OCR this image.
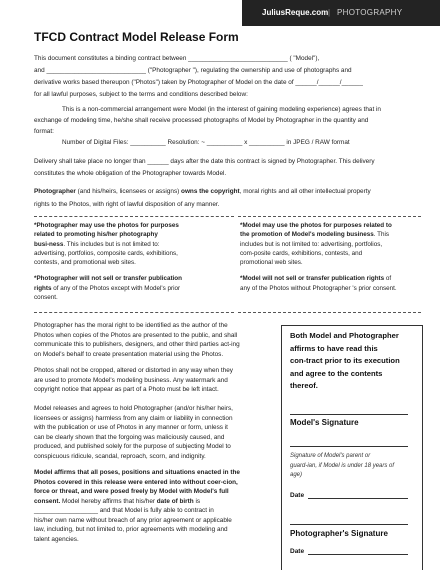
JuliusReque.com | PHOTOGRAPHY
TFCD Contract Model Release Form
This document constitutes a binding contract between ____________________________ ( "Model"),
and ____________________________ ("Photographer "), regulating the ownership and use of photographs and
derivative works based thereupon ("Photos") taken by Photographer of Model on the date of ______/______/______
for all lawful purposes, subject to the terms and conditions described below:
This is a non-commercial arrangement were Model (in the interest of gaining modeling experience) agrees that in
exchange of modeling time, he/she shall receive processed photographs of Model by Photographer in the quantity and
format:
Number of Digital Files: __________ Resolution: ~ __________ x __________ in JPEG / RAW format
Delivery shall take place no longer than ______ days after the date this contract is signed by Photographer. This delivery
constitutes the whole obligation of the Photographer towards Model.
Photographer (and his/heirs, licensees or assigns) owns the copyright, moral rights and all other intellectual property
rights to the Photos, with right of lawful disposition of any manner.
*Photographer may use the photos for purposes
related to promoting his/her photography
busi-ness. This includes but is not limited to:
advertising, portfolios, composite cards, exhibitions,
contests, and promotional web sites.
*Photographer will not sell or transfer publication
rights of any of the Photos except with Model's prior
consent.
*Model may use the photos for purposes related to
the promotion of Model's modeling business. This
includes but is not limited to: advertising, portfolios,
com-posite cards, exhibitions, contests, and
promotional web sites.
*Model will not sell or transfer publication rights of
any of the Photos without Photographer 's prior consent.
Photographer has the moral right to be identified as the author of the
Photos when copies of the Photos are presented to the public, and shall
communicate this to publishers, designers, and other third parties act-ing
on Model's behalf to create presentation material using the Photos.
Photos shall not be cropped, altered or distorted in any way when they
are used to promote Model's modeling business. Any watermark and
copyright notice that appear as part of a Photo must be left intact.
Model releases and agrees to hold Photographer (and/or his/her heirs,
licensees or assigns) harmless from any claim or liability in connection
with the publication or use of Photos in any manner or form, unless it
can be clearly shown that the forgoing was maliciously caused, and
produced, and published solely for the purpose of subjecting Model to
conspicuous ridicule, scandal, reproach, scorn, and indignity.
Model affirms that all poses, positions and situations enacted in the
Photos covered in this release were entered into without coer-cion,
force or threat, and were posed freely by Model with Model's full
consent. Model hereby affirms that his/her date of birth is
__________________ and that Model is fully able to contract in
his/her own name without breach of any prior agreement or applicable
law, including, but not limited to, prior agreements with modeling and
talent agencies.
Both Model and Photographer
affirms to have read this
con-tract prior to its execution
and agree to the contents
thereof.
Model's Signature
Signature of Model's parent or
guard-ian, if Model is under 18 years of
age)
Date
Photographer's Signature
Date
